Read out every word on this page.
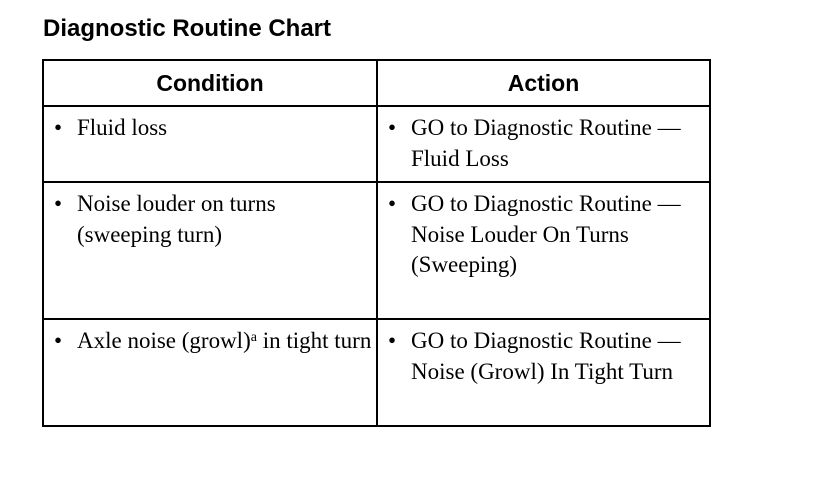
Diagnostic Routine Chart
Condition	Action

• Fluid loss	• GO to Diagnostic Routine — Fluid Loss

• Noise louder on turns (sweeping turn)	• GO to Diagnostic Routine — Noise Louder On Turns (Sweeping)

• Axle noise (growl)$^a$ in tight turn	• GO to Diagnostic Routine — Noise (Growl) In Tight Turn
